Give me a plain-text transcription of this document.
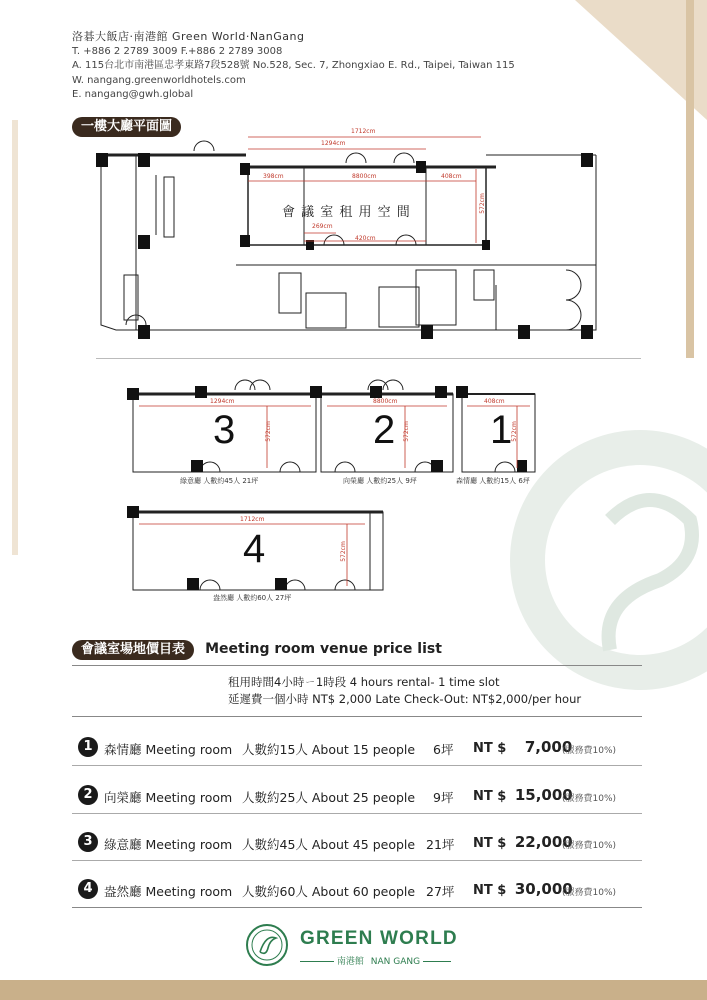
洛碁大飯店‧南港館 Green World‧NanGang
T. +886 2 2789 3009 F.+886 2 2789 3008
A. 115台北市南港區忠孝東路7段528號 No.528, Sec. 7, Zhongxiao E. Rd., Taipei, Taiwan 115
W. nangang.greenworldhotels.com
E. nangang@gwh.global
一樓大廳平面圖	1712cm
1294cm
398cm	8800cm	408cm
572cm
269cm
420cm
會 議 室 租 用 空 間
1294cm
572cm
8800cm
572cm
408cm
572cm
3	2 1
綠意廳 人數約45人 21坪	向榮廳 人數約25人 9坪	森情廳 人數約15人 6坪
1712cm
572cm
4
盎然廳 人數約60人 27坪
會議室場地價目表 Meeting room venue price list
租用時間4小時ㄧ1時段 4 hours rental- 1 time slot
延遲費一個小時 NT$ 2,000 Late Check-Out: NT$2,000/per hour
1 森情廳 Meeting room 人數約15人 About 15 people 6坪 NT $ 7,000
(服務費10%)
2 向榮廳 Meeting room 人數約25人 About 25 people 9坪 NT $ 15,000
(服務費10%)
3 綠意廳 Meeting room 人數約45人 About 45 people 21坪 NT $ 22,000
(服務費10%)
4 盎然廳 Meeting room 人數約60人 About 60 people 27坪 NT $ 30,000
(服務費10%)
GREEN WORLD
南港館 NAN GANG
